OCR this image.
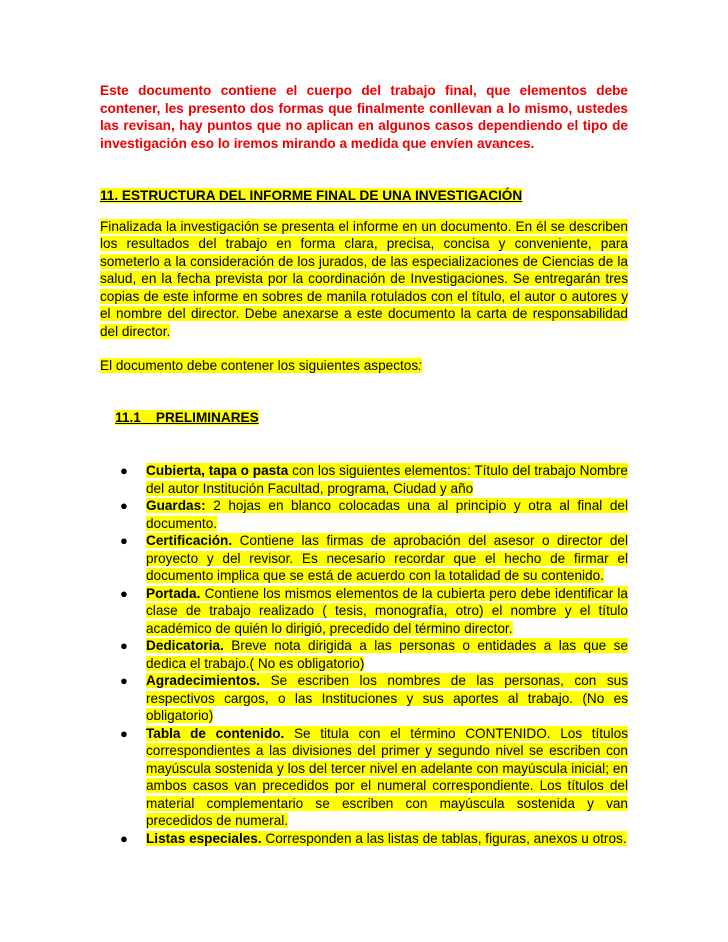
Este documento contiene el cuerpo del trabajo final, que elementos debe contener, les presento dos formas que finalmente conllevan a lo mismo, ustedes las revisan, hay puntos que no aplican en algunos casos dependiendo el tipo de investigación eso lo iremos mirando a medida que envíen avances.

11. ESTRUCTURA DEL INFORME FINAL DE UNA INVESTIGACIÓN

Finalizada la investigación se presenta el informe en un documento. En él se describen los resultados del trabajo en forma clara, precisa, concisa y conveniente, para someterlo a la consideración de los jurados, de las especializaciones de Ciencias de la salud, en la fecha prevista por la coordinación de Investigaciones. Se entregarán tres copias de este informe en sobres de manila rotulados con el título, el autor o autores y el nombre del director. Debe anexarse a este documento la carta de responsabilidad del director.

El documento debe contener los siguientes aspectos:

11.1    PRELIMINARES

● Cubierta, tapa o pasta con los siguientes elementos: Título del trabajo Nombre del autor Institución Facultad, programa, Ciudad y año
● Guardas: 2 hojas en blanco colocadas una al principio y otra al final del documento.
● Certificación. Contiene las firmas de aprobación del asesor o director del proyecto y del revisor. Es necesario recordar que el hecho de firmar el documento implica que se está de acuerdo con la totalidad de su contenido.
● Portada. Contiene los mismos elementos de la cubierta pero debe identificar la clase de trabajo realizado ( tesis, monografía, otro) el nombre y el título académico de quién lo dirigió, precedido del término director.
● Dedicatoria. Breve nota dirigida a las personas o entidades a las que se dedica el trabajo.( No es obligatorio)
● Agradecimientos. Se escriben los nombres de las personas, con sus respectivos cargos, o las Instituciones y sus aportes al trabajo. (No es obligatorio)
● Tabla de contenido. Se titula con el término CONTENIDO. Los títulos correspondientes a las divisiones del primer y segundo nivel se escriben con mayúscula sostenida y los del tercer nivel en adelante con mayúscula inicial; en ambos casos van precedidos por el numeral correspondiente. Los títulos del material complementario se escriben con mayúscula sostenida y van precedidos de numeral.
● Listas especiales. Corresponden a las listas de tablas, figuras, anexos u otros.
